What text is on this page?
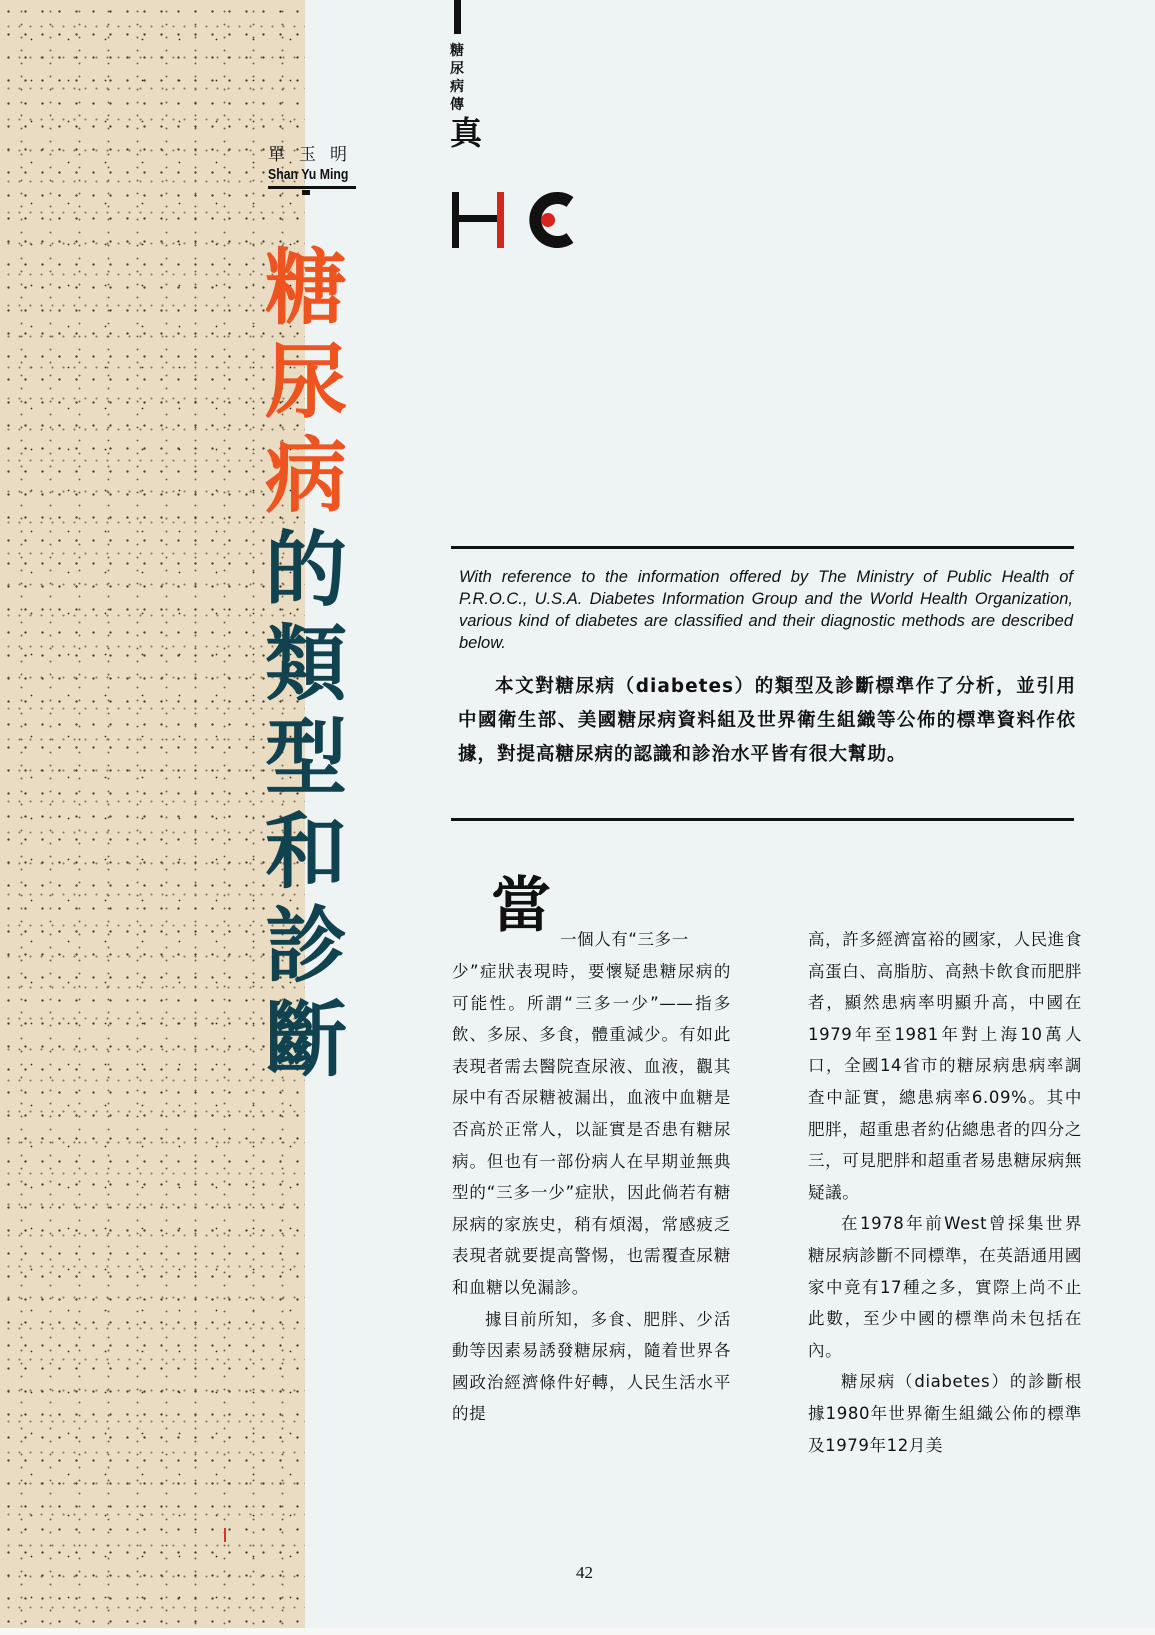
單玉明
Shan Yu Ming
糖尿病傳
真
糖
尿
病
的
類
型
和
診
斷

With reference to the information offered by The Ministry of Public Health of P.R.O.C., U.S.A. Diabetes Information Group and the World Health Organization, various kind of diabetes are classified and their diagnostic methods are described below.

本文對糖尿病（diabetes）的類型及診斷標準作了分析，並引用中國衛生部、美國糖尿病資料組及世界衛生組織等公佈的標準資料作依據，對提高糖尿病的認識和診治水平皆有很大幫助。

當 一個人有“三多一

少”症狀表現時，要懷疑患糖尿病的可能性。所謂“三多一少”——指多飲、多尿、多食，體重減少。有如此表現者需去醫院查尿液、血液，觀其尿中有否尿糖被漏出，血液中血糖是否高於正常人，以証實是否患有糖尿病。但也有一部份病人在早期並無典型的“三多一少”症狀，因此倘若有糖尿病的家族史，稍有煩渴，常感疲乏表現者就要提高警惕，也需覆查尿糖和血糖以免漏診。

據目前所知，多食、肥胖、少活動等因素易誘發糖尿病，隨着世界各國政治經濟條件好轉，人民生活水平的提

高，許多經濟富裕的國家，人民進食高蛋白、高脂肪、高熱卡飲食而肥胖者，顯然患病率明顯升高，中國在1979年至1981年對上海10萬人口，全國14省市的糖尿病患病率調查中証實，總患病率6.09%。其中肥胖，超重患者約佔總患者的四分之三，可見肥胖和超重者易患糖尿病無疑議。

在1978年前West曾採集世界糖尿病診斷不同標準，在英語通用國家中竟有17種之多，實際上尚不止此數，至少中國的標準尚未包括在內。

糖尿病（diabetes）的診斷根據1980年世界衛生組織公佈的標準及1979年12月美

42
